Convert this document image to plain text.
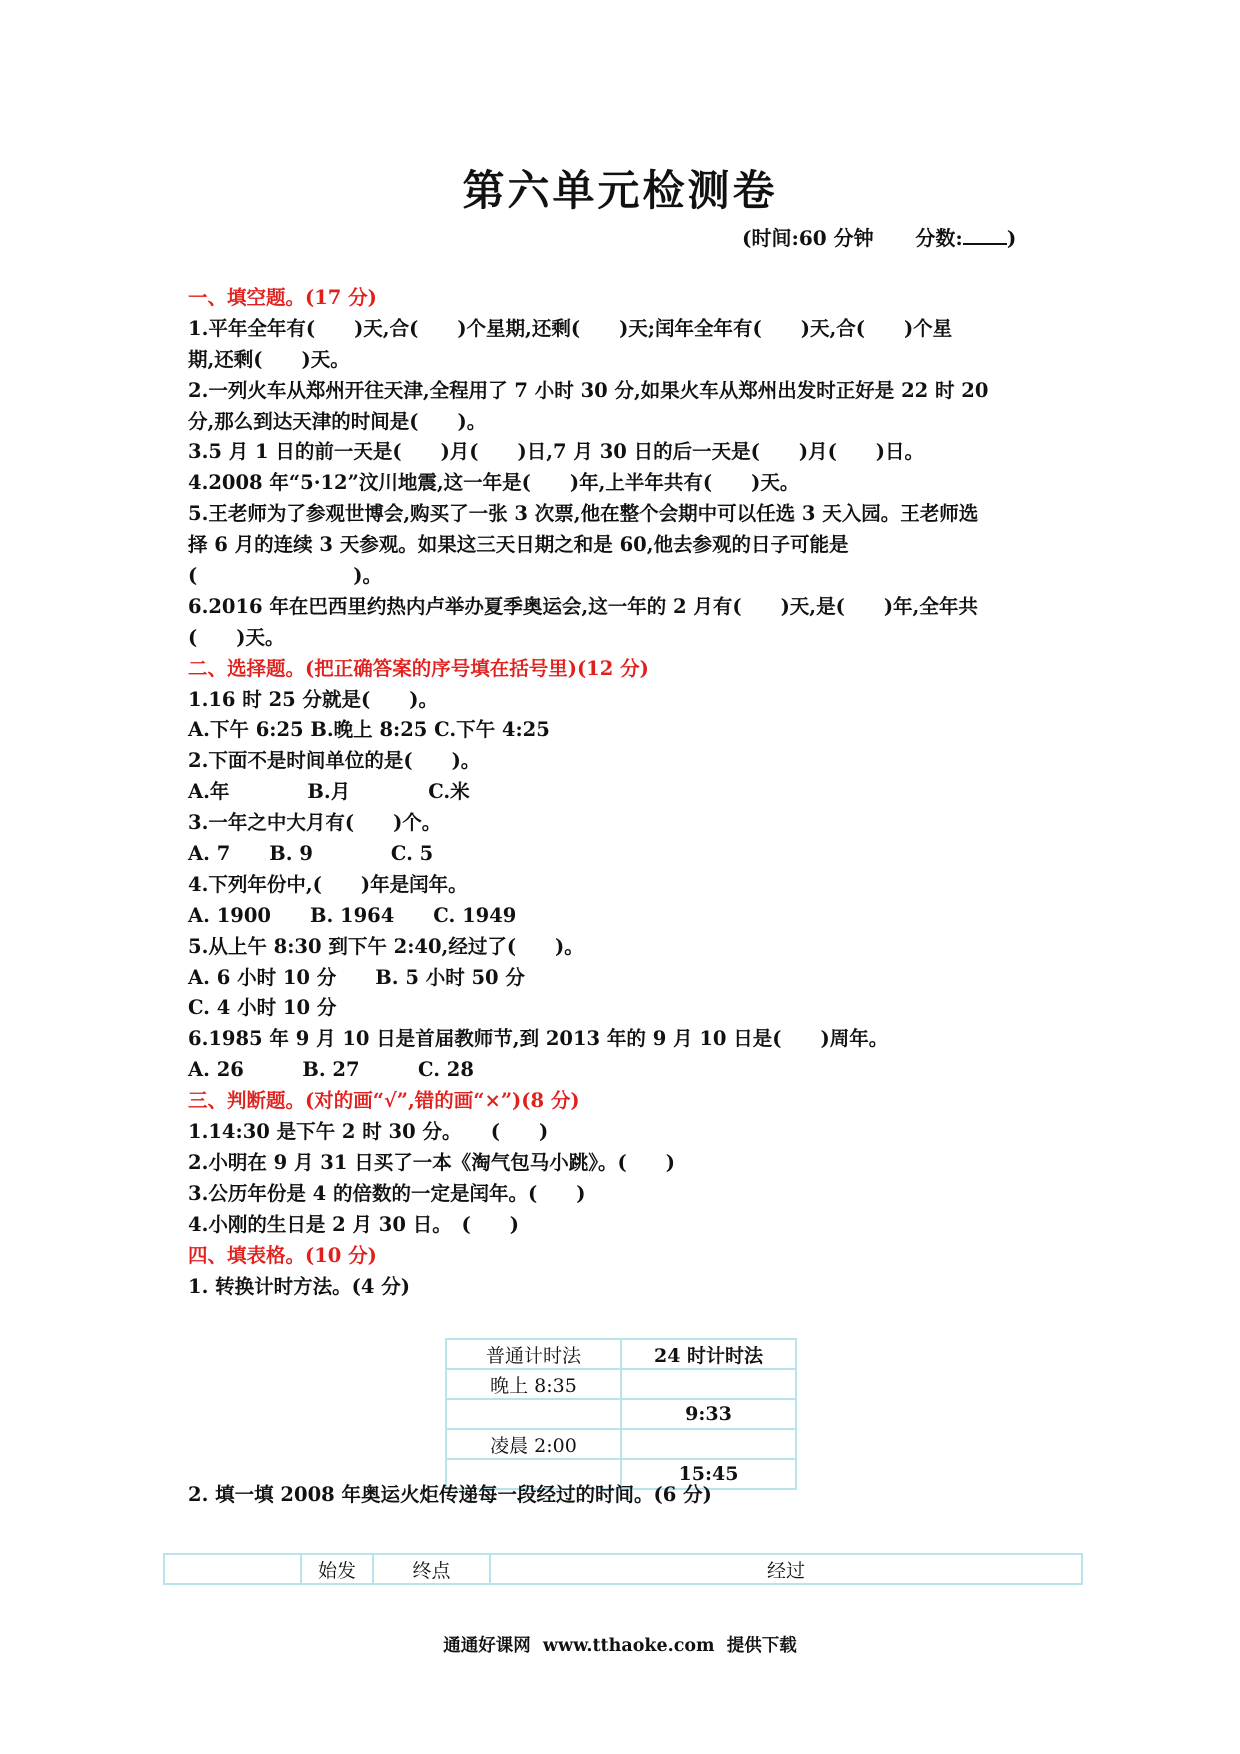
第六单元检测卷
(时间:60 分钟 分数: )
一、填空题。(17 分)
1.平年全年有(　　)天,合(　　)个星期,还剩(　　)天;闰年全年有(　　)天,合(　　)个星
期,还剩(　　)天。
2.一列火车从郑州开往天津,全程用了 7 小时 30 分,如果火车从郑州出发时正好是 22 时 20
分,那么到达天津的时间是(　　)。
3.5 月 1 日的前一天是(　　)月(　　)日,7 月 30 日的后一天是(　　)月(　　)日。
4.2008 年“5·12”汶川地震,这一年是(　　)年,上半年共有(　　)天。
5.王老师为了参观世博会,购买了一张 3 次票,他在整个会期中可以任选 3 天入园。王老师选
择 6 月的连续 3 天参观。如果这三天日期之和是 60,他去参观的日子可能是
(　　　　　　　　)。
6.2016 年在巴西里约热内卢举办夏季奥运会,这一年的 2 月有(　　)天,是(　　)年,全年共
(　　)天。
二、选择题。(把正确答案的序号填在括号里)(12 分)
1.16 时 25 分就是(　　)。
A.下午 6:25 B.晚上 8:25 C.下午 4:25
2.下面不是时间单位的是(　　)。
A.年　　　　B.月　　　　C.米
3.一年之中大月有(　　)个。
A. 7　　B. 9　　　　C. 5
4.下列年份中,(　　)年是闰年。
A. 1900　　B. 1964　　C. 1949
5.从上午 8:30 到下午 2:40,经过了(　　)。
A. 6 小时 10 分　　B. 5 小时 50 分
C. 4 小时 10 分
6.1985 年 9 月 10 日是首届教师节,到 2013 年的 9 月 10 日是(　　)周年。
A. 26　　　B. 27　　　C. 28
三、判断题。(对的画“√”,错的画“×”)(8 分)
1.14:30 是下午 2 时 30 分。　　(　　)
2.小明在 9 月 31 日买了一本《淘气包马小跳》。(　　)
3.公历年份是 4 的倍数的一定是闰年。(　　)
4.小刚的生日是 2 月 30 日。　(　　)
四、填表格。(10 分)
1. 转换计时方法。(4 分)
普通计时法	24 时计时法
晚上 8:35	
	9:33
凌晨 2:00	
	15:45
2. 填一填 2008 年奥运火炬传递每一段经过的时间。(6 分)
	始发	终点	经过
通通好课网  www.tthaoke.com  提供下载
